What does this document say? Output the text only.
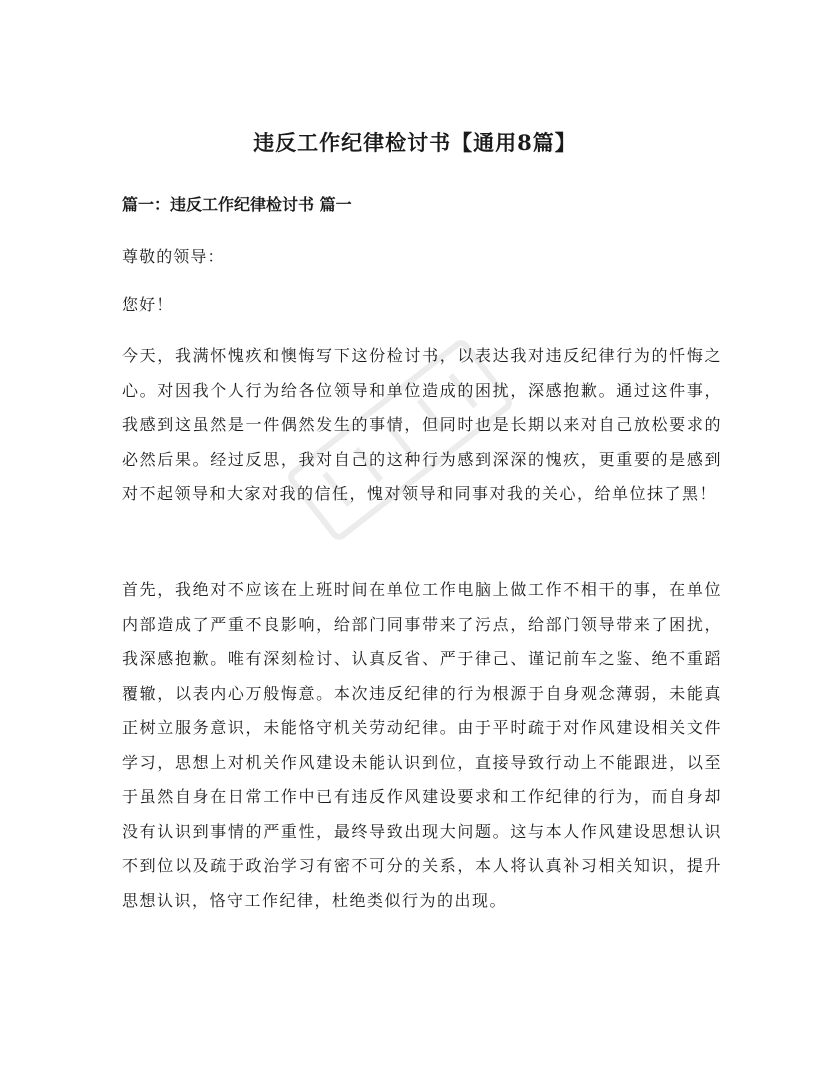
违反工作纪律检讨书【通用8篇】
篇一：违反工作纪律检讨书 篇一
尊敬的领导：
您好！
今天，我满怀愧疚和懊悔写下这份检讨书，以表达我对违反纪律行为的忏悔之心。对因我个人行为给各位领导和单位造成的困扰，深感抱歉。通过这件事，我感到这虽然是一件偶然发生的事情，但同时也是长期以来对自己放松要求的必然后果。经过反思，我对自己的这种行为感到深深的愧疚，更重要的是感到对不起领导和大家对我的信任，愧对领导和同事对我的关心，给单位抹了黑！
首先，我绝对不应该在上班时间在单位工作电脑上做工作不相干的事，在单位内部造成了严重不良影响，给部门同事带来了污点，给部门领导带来了困扰，我深感抱歉。唯有深刻检讨、认真反省、严于律己、谨记前车之鉴、绝不重蹈覆辙，以表内心万般悔意。本次违反纪律的行为根源于自身观念薄弱，未能真正树立服务意识，未能恪守机关劳动纪律。由于平时疏于对作风建设相关文件学习，思想上对机关作风建设未能认识到位，直接导致行动上不能跟进，以至于虽然自身在日常工作中已有违反作风建设要求和工作纪律的行为，而自身却没有认识到事情的严重性，最终导致出现大问题。这与本人作风建设思想认识不到位以及疏于政治学习有密不可分的关系，本人将认真补习相关知识，提升思想认识，恪守工作纪律，杜绝类似行为的出现。
